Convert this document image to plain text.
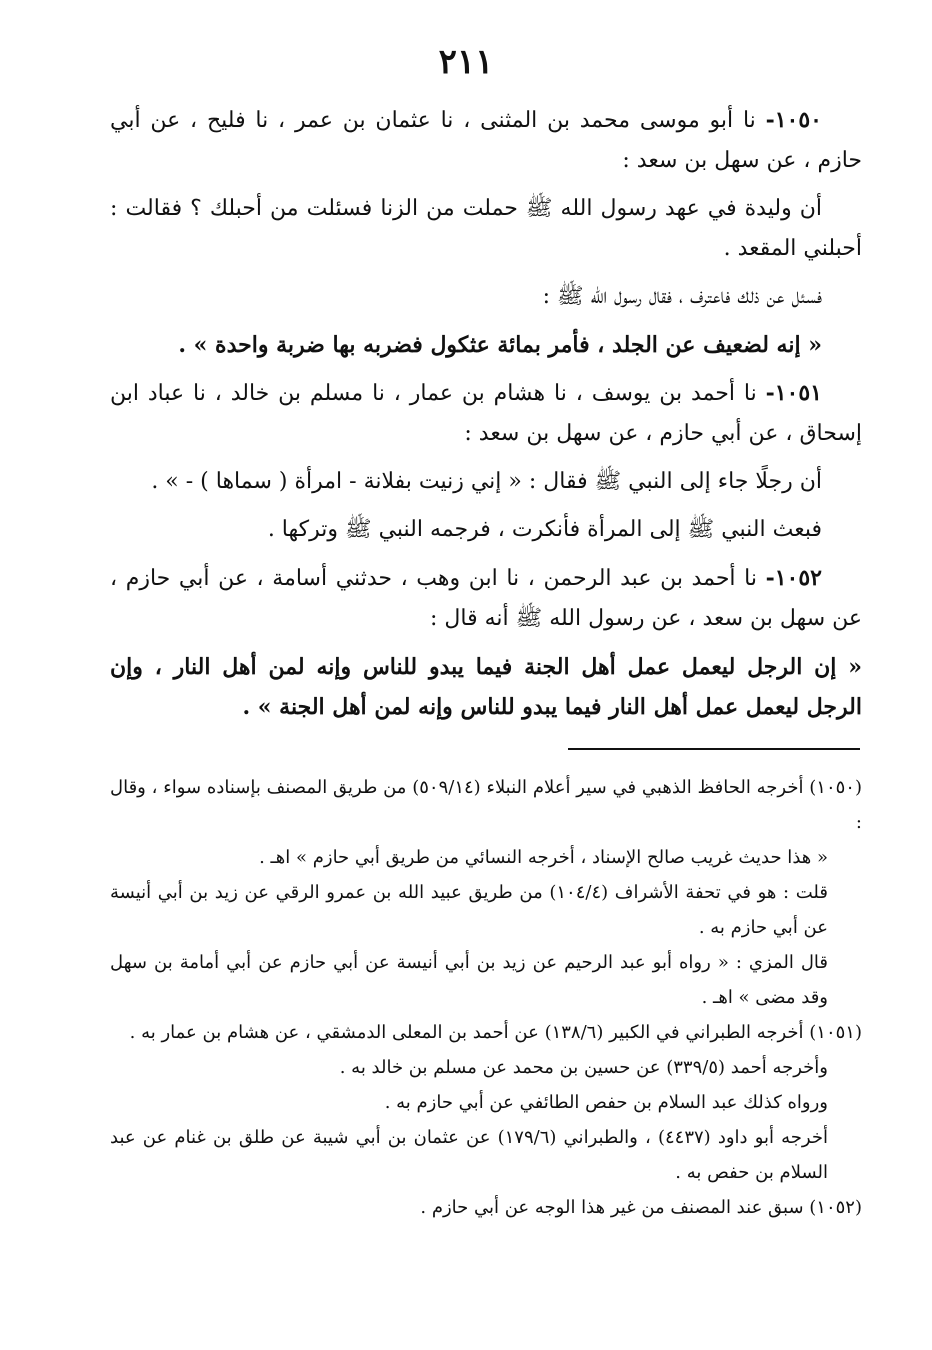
٢١١

١٠٥٠- نا أبو موسى محمد بن المثنى ، نا عثمان بن عمر ، نا فليح ، عن أبي حازم ، عن سهل بن سعد :

أن وليدة في عهد رسول الله ﷺ حملت من الزنا فسئلت من أحبلك ؟ فقالت : أحبلني المقعد .

فسئل عن ذلك فاعترف ، فقال رسول الله ﷺ :

« إنه لضعيف عن الجلد ، فأمر بمائة عثكول فضربه بها ضربة واحدة » .

١٠٥١- نا أحمد بن يوسف ، نا هشام بن عمار ، نا مسلم بن خالد ، نا عباد ابن إسحاق ، عن أبي حازم ، عن سهل بن سعد :

أن رجلًا جاء إلى النبي ﷺ فقال : « إني زنيت بفلانة - امرأة ( سماها ) - » .

فبعث النبي ﷺ إلى المرأة فأنكرت ، فرجمه النبي ﷺ وتركها .

١٠٥٢- نا أحمد بن عبد الرحمن ، نا ابن وهب ، حدثني أسامة ، عن أبي حازم ، عن سهل بن سعد ، عن رسول الله ﷺ أنه قال :

« إن الرجل ليعمل عمل أهل الجنة فيما يبدو للناس وإنه لمن أهل النار ، وإن الرجل ليعمل عمل أهل النار فيما يبدو للناس وإنه لمن أهل الجنة » .

(١٠٥٠) أخرجه الحافظ الذهبي في سير أعلام النبلاء (٥٠٩/١٤) من طريق المصنف بإسناده سواء ، وقال :

« هذا حديث غريب صالح الإسناد ، أخرجه النسائي من طريق أبي حازم » اهـ .

قلت : هو في تحفة الأشراف (١٠٤/٤) من طريق عبيد الله بن عمرو الرقي عن زيد بن أبي أنيسة عن أبي حازم به .

قال المزي : « رواه أبو عبد الرحيم عن زيد بن أبي أنيسة عن أبي حازم عن أبي أمامة بن سهل وقد مضى » اهـ .

(١٠٥١) أخرجه الطبراني في الكبير (١٣٨/٦) عن أحمد بن المعلى الدمشقي ، عن هشام بن عمار به .

وأخرجه أحمد (٣٣٩/٥) عن حسين بن محمد عن مسلم بن خالد به .

ورواه كذلك عبد السلام بن حفص الطائفي عن أبي حازم به .

أخرجه أبو داود (٤٤٣٧) ، والطبراني (١٧٩/٦) عن عثمان بن أبي شيبة عن طلق بن غنام عن عبد السلام بن حفص به .

(١٠٥٢) سبق عند المصنف من غير هذا الوجه عن أبي حازم .
